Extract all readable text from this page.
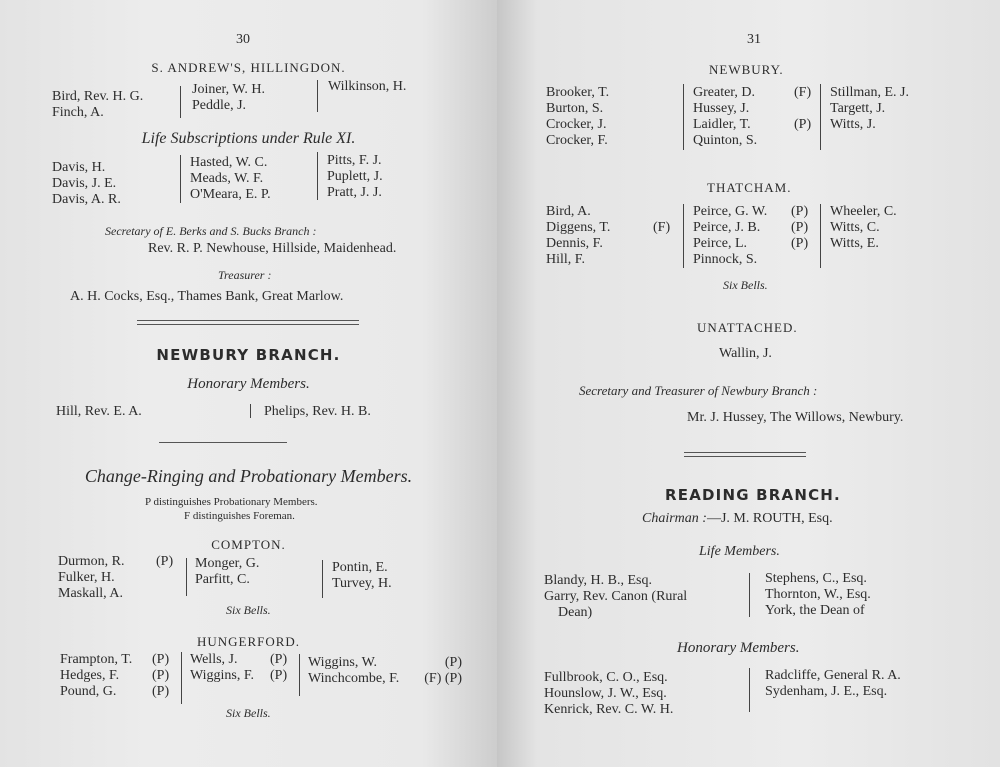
30
S. ANDREW'S, HILLINGDON.
Bird, Rev. H. G.
Finch, A.
Joiner, W. H.
Peddle, J.
Wilkinson, H.
Life Subscriptions under Rule XI.
Davis, H.
Davis, J. E.
Davis, A. R.
Hasted, W. C.
Meads, W. F.
O'Meara, E. P.
Pitts, F. J.
Puplett, J.
Pratt, J. J.
Secretary of E. Berks and S. Bucks Branch :
Rev. R. P. Newhouse, Hillside, Maidenhead.
Treasurer :
A. H. Cocks, Esq., Thames Bank, Great Marlow.
NEWBURY BRANCH.
Honorary Members.
Hill, Rev. E. A.	Phelips, Rev. H. B.
Change-Ringing and Probationary Members.
P distinguishes Probationary Members.
F distinguishes Foreman.
COMPTON.
Durmon, R.
Fulker, H.
Maskall, A.
(P) Monger, G.
Parfitt, C.
Pontin, E.
Turvey, H.
Six Bells.
HUNGERFORD.
Frampton, T.
Hedges, F.
Pound, G.
(P)
(P)
(P)
Wells, J.
Wiggins, F.
(P)
(P)
Wiggins, W.
Winchcombe, F.
(P)
(F) (P)
Six Bells.
31
NEWBURY.
Brooker, T.
Burton, S.
Crocker, J.
Crocker, F.
Greater, D.
Hussey, J.
Laidler, T.
Quinton, S.
(F)

(P)
Stillman, E. J.
Targett, J.
Witts, J.
THATCHAM.
Bird, A.
Diggens, T.
Dennis, F.
Hill, F.

(F)
Peirce, G. W.
Peirce, J. B.
Peirce, L.
Pinnock, S.
(P)
(P)
(P)
Wheeler, C.
Witts, C.
Witts, E.
Six Bells.
UNATTACHED.
Wallin, J.
Secretary and Treasurer of Newbury Branch :
Mr. J. Hussey, The Willows, Newbury.
READING BRANCH.
Chairman :—J. M. ROUTH, Esq.
Life Members.
Blandy, H. B., Esq.
Garry, Rev. Canon (Rural
Dean)
Stephens, C., Esq.
Thornton, W., Esq.
York, the Dean of
Honorary Members.
Fullbrook, C. O., Esq.
Hounslow, J. W., Esq.
Kenrick, Rev. C. W. H.
Radcliffe, General R. A.
Sydenham, J. E., Esq.
